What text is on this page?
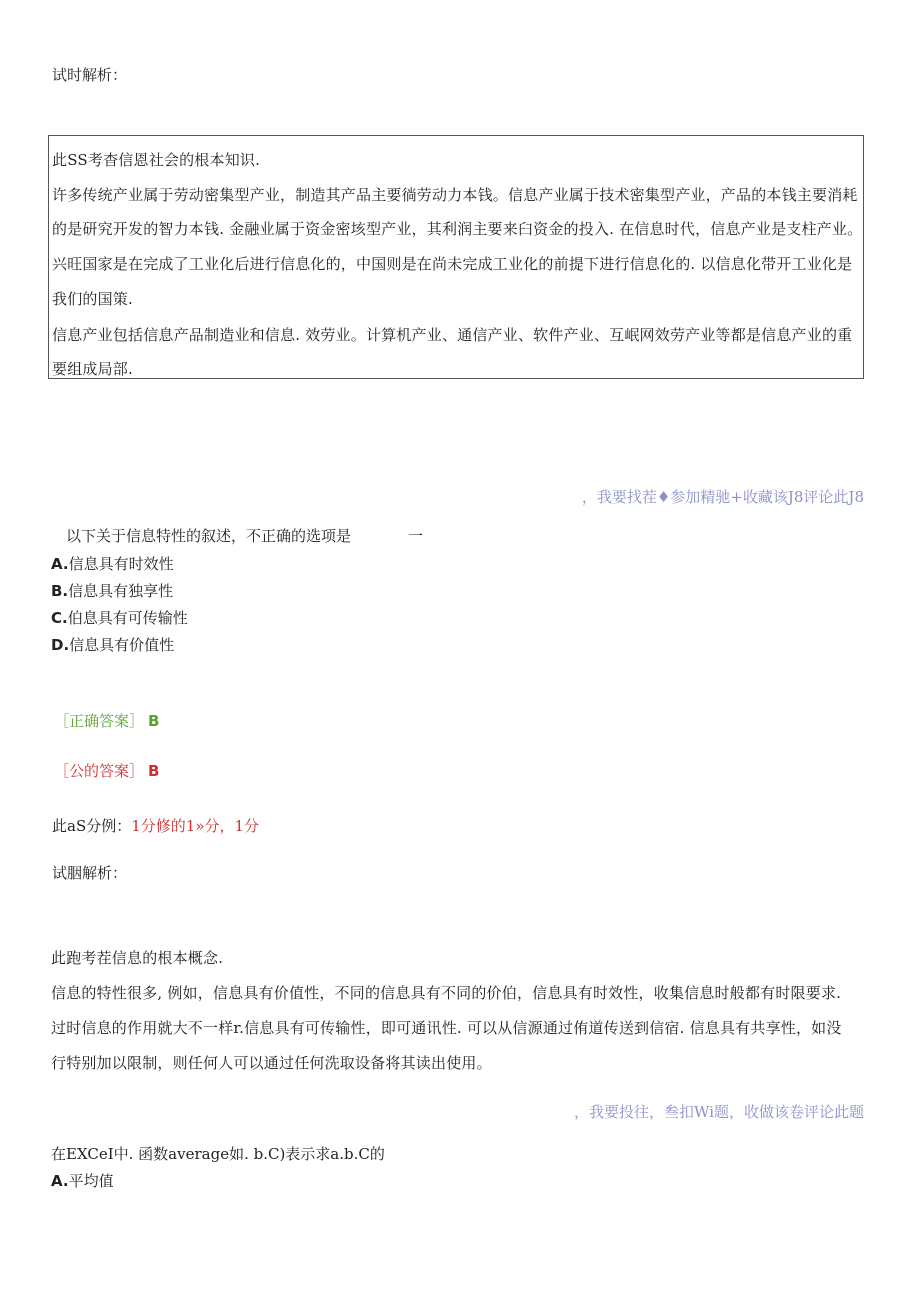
试时解析：
此SS考杳信恩社会的根本知识.
许多传统产业属于劳动密集型产业，制造其产品主要徜劳动力本钱。信息产业属于技术密集型产业，产品的本钱主要消耗
的是研究开发的智力本钱. 金融业属于资金密垓型产业，其利润主要来臼资金的投入. 在信息时代，信息产业是支柱产业。
兴旺国家是在完成了工业化后进行信息化的，中国则是在尚未完成工业化的前提下进行信息化的. 以信息化带开工业化是
我们的国策.
信息产业包括信息产品制造业和信息. 效劳业。计算机产业、通信产业、软件产业、互岷网效劳产业等都是信息产业的重
要组成局部.
，我要找茬♦参加精驰+收藏该J8评论此J8
以下关于信息特性的叙述，不正确的选项是	一
A.信息具有时效性
B.信息具有独享性
C.伯息具有可传输性
D.信息具有价值性
［正确答案］ B
［公的答案］ B
此aS分例：1分修的1»分，1分
试胭解析：
此跑考茬信息的根本概念.
信息的特性很多, 例如，信息具有价值性，不同的信息具有不同的价伯，信息具有时效性，收集信息时般都有时限要求.
过时信息的作用就大不一样r.信息具有可传输性，即可通讯性. 可以从信源通过侑道传送到信宿. 信息具有共享性，如没
行特别加以限制，则任何人可以通过任何洗取设备将其读出使用。
，我要投往，叁扣Wi题，收做该卷评论此题
在EXCeI中. 函数average如. b.C)表示求a.b.C的
A.平均值
